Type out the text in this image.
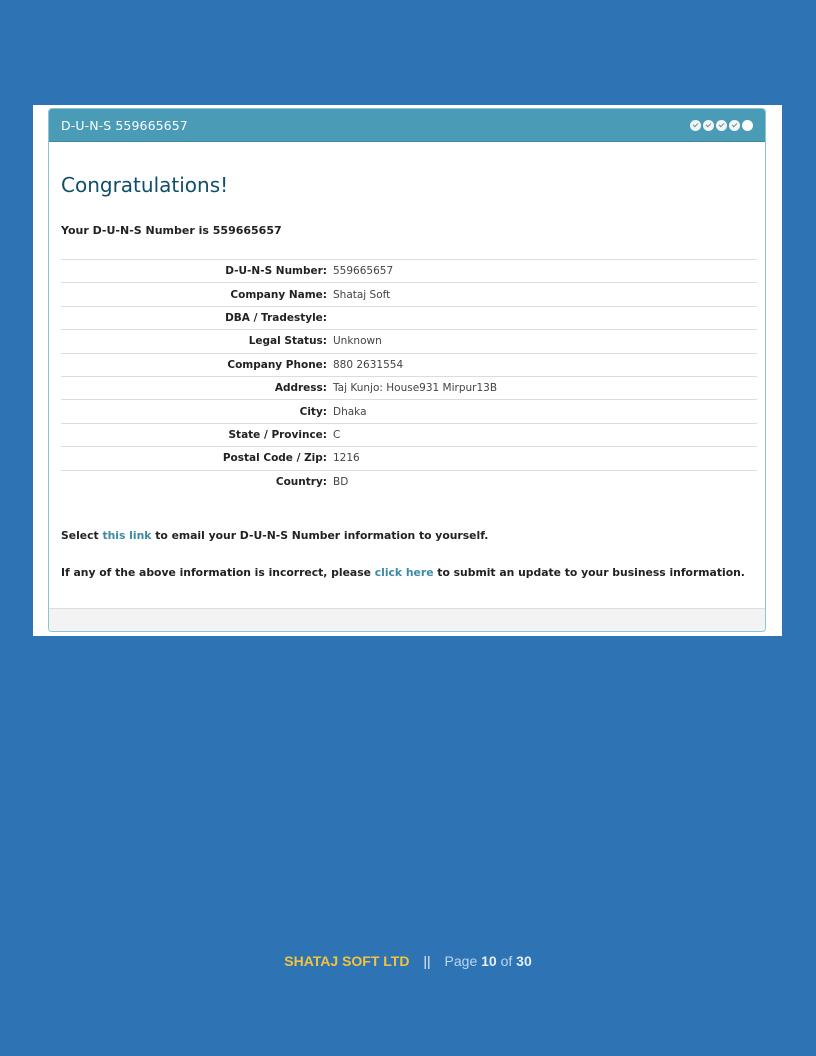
D-U-N-S 559665657
Congratulations!
Your D-U-N-S Number is 559665657
D-U-N-S Number:	559665657
Company Name:	Shataj Soft
DBA / Tradestyle:	
Legal Status:	Unknown
Company Phone:	880 2631554
Address:	Taj Kunjo: House931 Mirpur13B
City:	Dhaka
State / Province:	C
Postal Code / Zip:	1216
Country:	BD
Select this link to email your D-U-N-S Number information to yourself.
If any of the above information is incorrect, please click here to submit an update to your business information.
SHATAJ SOFT LTD || Page 10 of 30
